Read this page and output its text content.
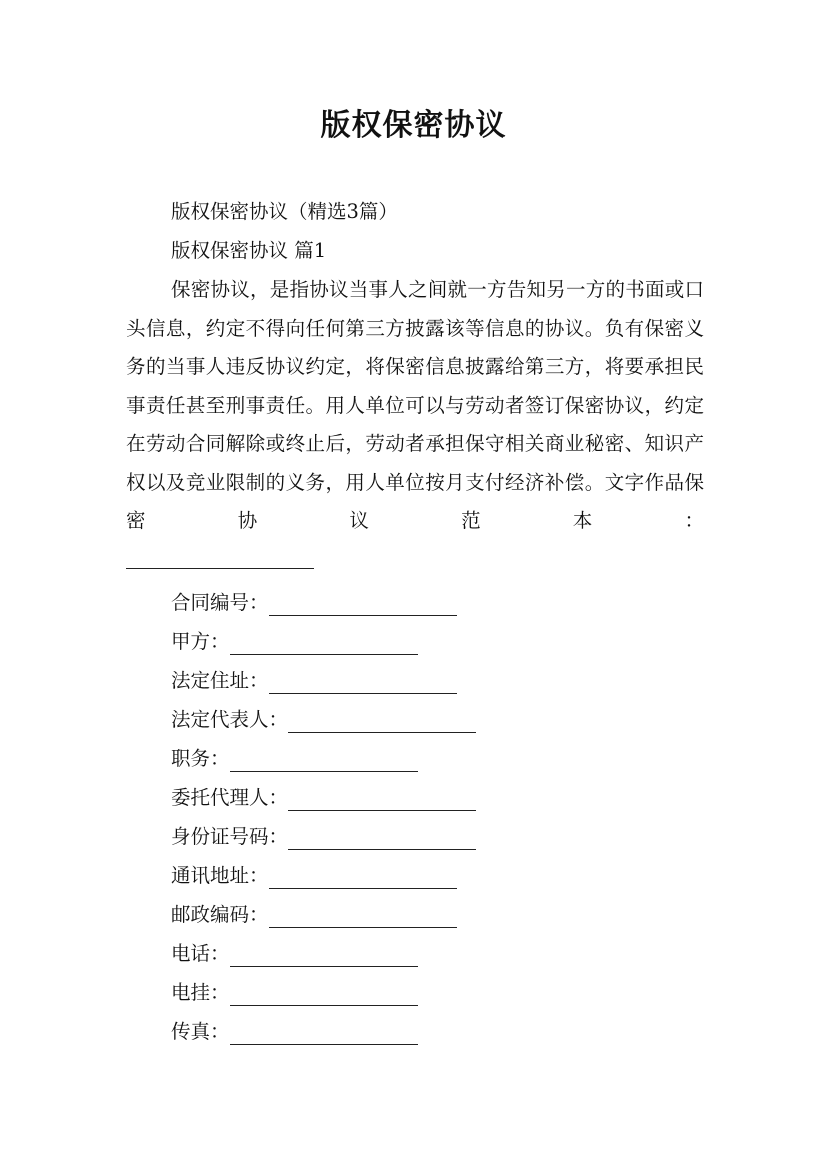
版权保密协议
版权保密协议（精选3篇）
版权保密协议 篇1
保密协议，是指协议当事人之间就一方告知另一方的书面或口头信息，约定不得向任何第三方披露该等信息的协议。负有保密义务的当事人违反协议约定，将保密信息披露给第三方，将要承担民事责任甚至刑事责任。用人单位可以与劳动者签订保密协议，约定在劳动合同解除或终止后，劳动者承担保守相关商业秘密、知识产权以及竞业限制的义务，用人单位按月支付经济补偿。文字作品保密协议范本：
合同编号：
甲方：
法定住址：
法定代表人：
职务：
委托代理人：
身份证号码：
通讯地址：
邮政编码：
电话：
电挂：
传真：
